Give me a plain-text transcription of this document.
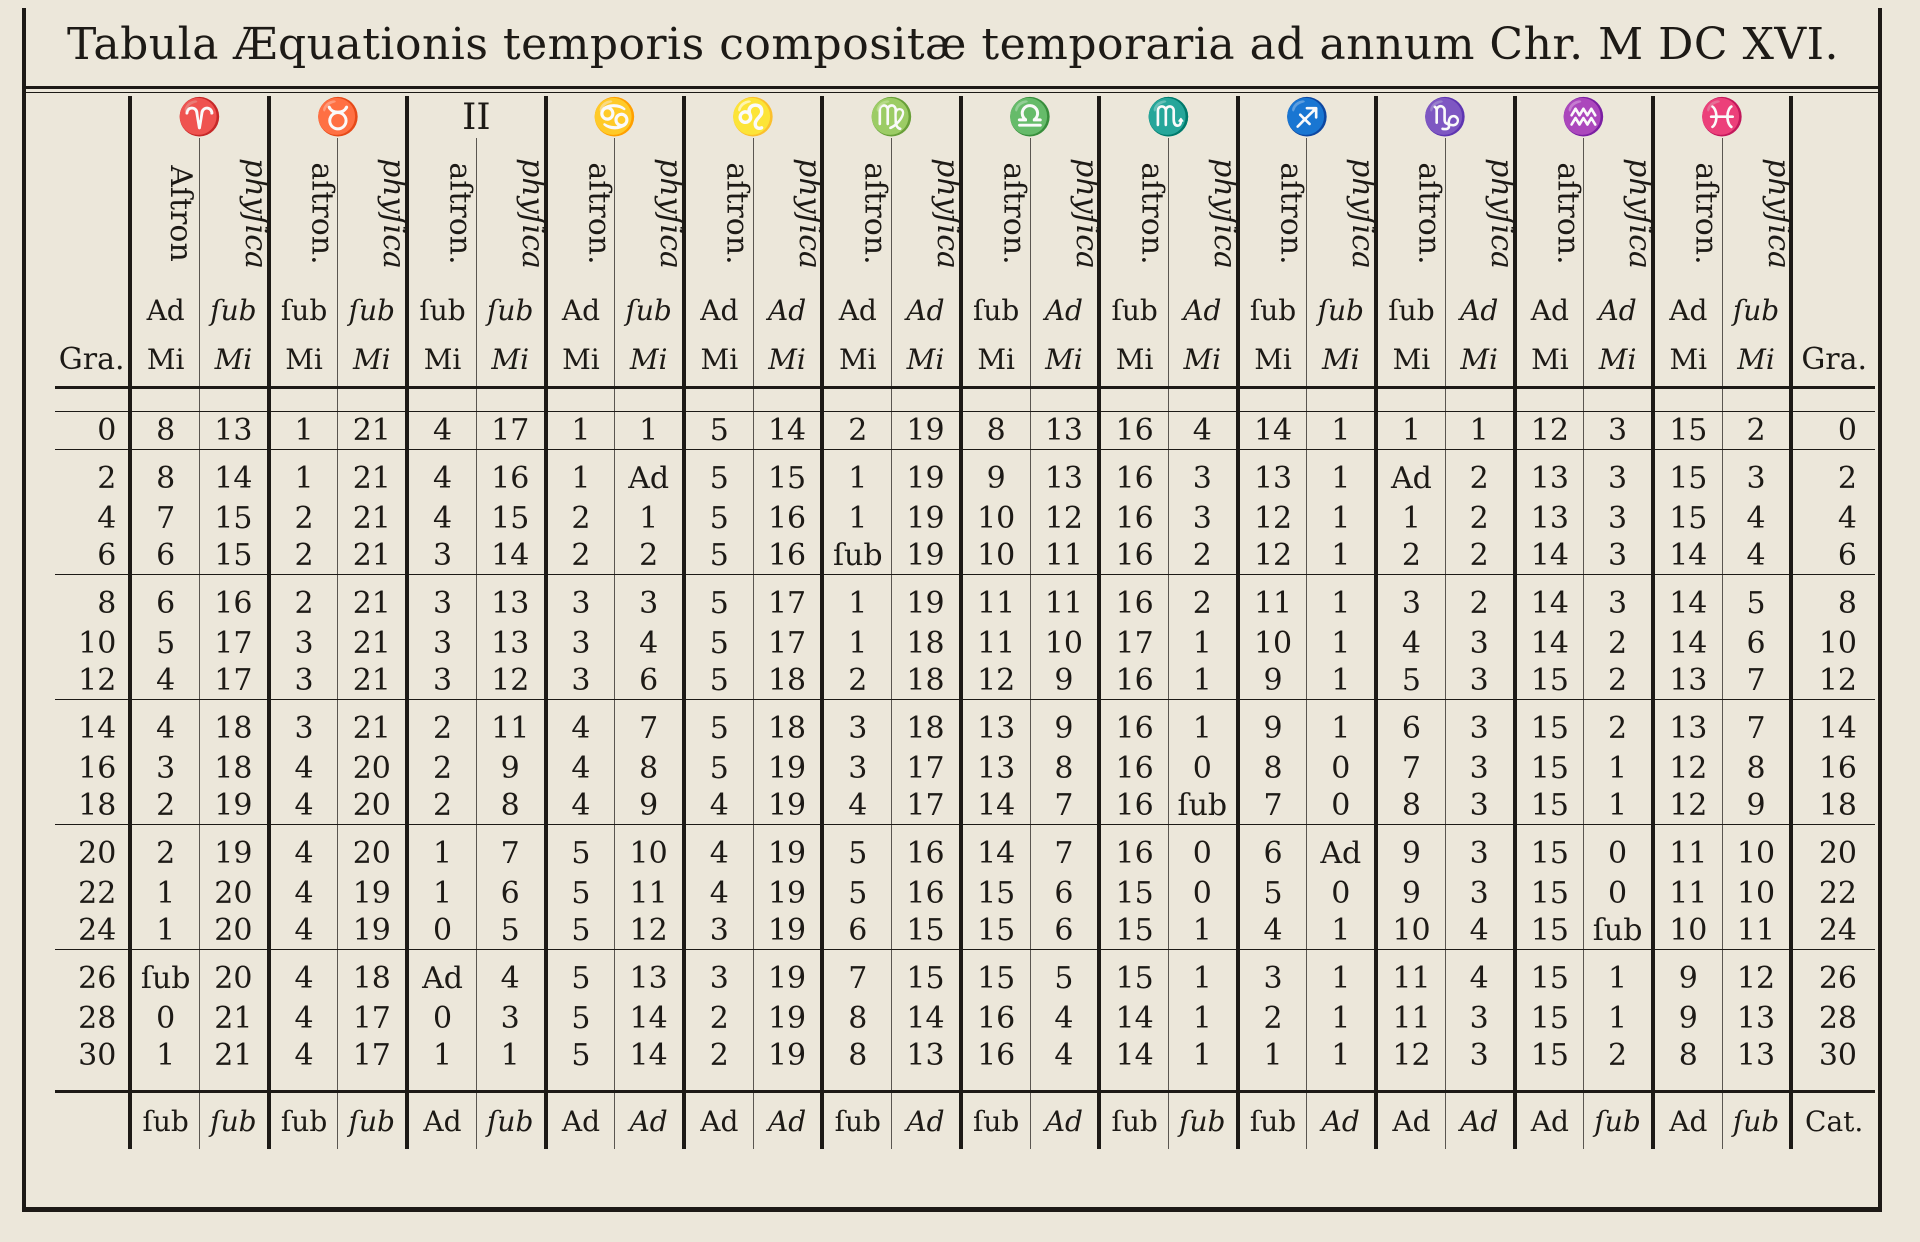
Tabula Æquationis temporis compositæ temporaria ad annum Chr. M DC XVI.
	♈		♉		II		♋		♌		♍		♎		♏		♐		♑		♒		♓		
	Aſtron	phyſica	aſtron.	phyſica	aſtron.	phyſica	aſtron.	phyſica	aſtron.	phyſica	aſtron.	phyſica	aſtron.	phyſica	aſtron.	phyſica	aſtron.	phyſica	aſtron.	phyſica	aſtron.	phyſica	aſtron.	phyſica	
	Ad	ſub	ſub	ſub	ſub	ſub	Ad	ſub	Ad	Ad	Ad	Ad	ſub	Ad	ſub	Ad	ſub	ſub	ſub	Ad	Ad	Ad	Ad	ſub	
Gra.	Mi	Mi	Mi	Mi	Mi	Mi	Mi	Mi	Mi	Mi	Mi	Mi	Mi	Mi	Mi	Mi	Mi	Mi	Mi	Mi	Mi	Mi	Mi	Mi	Gra.

0	8	13	1	21	4	17	1	1	5	14	2	19	8	13	16	4	14	1	1	1	12	3	15	2	0
2	8	14	1	21	4	16	1	Ad	5	15	1	19	9	13	16	3	13	1	Ad	2	13	3	15	3	2
4	7	15	2	21	4	15	2	1	5	16	1	19	10	12	16	3	12	1	1	2	13	3	15	4	4
6	6	15	2	21	3	14	2	2	5	16	ſub	19	10	11	16	2	12	1	2	2	14	3	14	4	6
8	6	16	2	21	3	13	3	3	5	17	1	19	11	11	16	2	11	1	3	2	14	3	14	5	8
10	5	17	3	21	3	13	3	4	5	17	1	18	11	10	17	1	10	1	4	3	14	2	14	6	10
12	4	17	3	21	3	12	3	6	5	18	2	18	12	9	16	1	9	1	5	3	15	2	13	7	12
14	4	18	3	21	2	11	4	7	5	18	3	18	13	9	16	1	9	1	6	3	15	2	13	7	14
16	3	18	4	20	2	9	4	8	5	19	3	17	13	8	16	0	8	0	7	3	15	1	12	8	16
18	2	19	4	20	2	8	4	9	4	19	4	17	14	7	16	ſub	7	0	8	3	15	1	12	9	18
20	2	19	4	20	1	7	5	10	4	19	5	16	14	7	16	0	6	Ad	9	3	15	0	11	10	20
22	1	20	4	19	1	6	5	11	4	19	5	16	15	6	15	0	5	0	9	3	15	0	11	10	22
24	1	20	4	19	0	5	5	12	3	19	6	15	15	6	15	1	4	1	10	4	15	ſub	10	11	24
26	ſub	20	4	18	Ad	4	5	13	3	19	7	15	15	5	15	1	3	1	11	4	15	1	9	12	26
28	0	21	4	17	0	3	5	14	2	19	8	14	16	4	14	1	2	1	11	3	15	1	9	13	28
30	1	21	4	17	1	1	5	14	2	19	8	13	16	4	14	1	1	1	12	3	15	2	8	13	30

	ſub	ſub	ſub	ſub	Ad	ſub	Ad	Ad	Ad	Ad	ſub	Ad	ſub	Ad	ſub	ſub	ſub	Ad	Ad	Ad	Ad	ſub	Ad	ſub	Cat.
